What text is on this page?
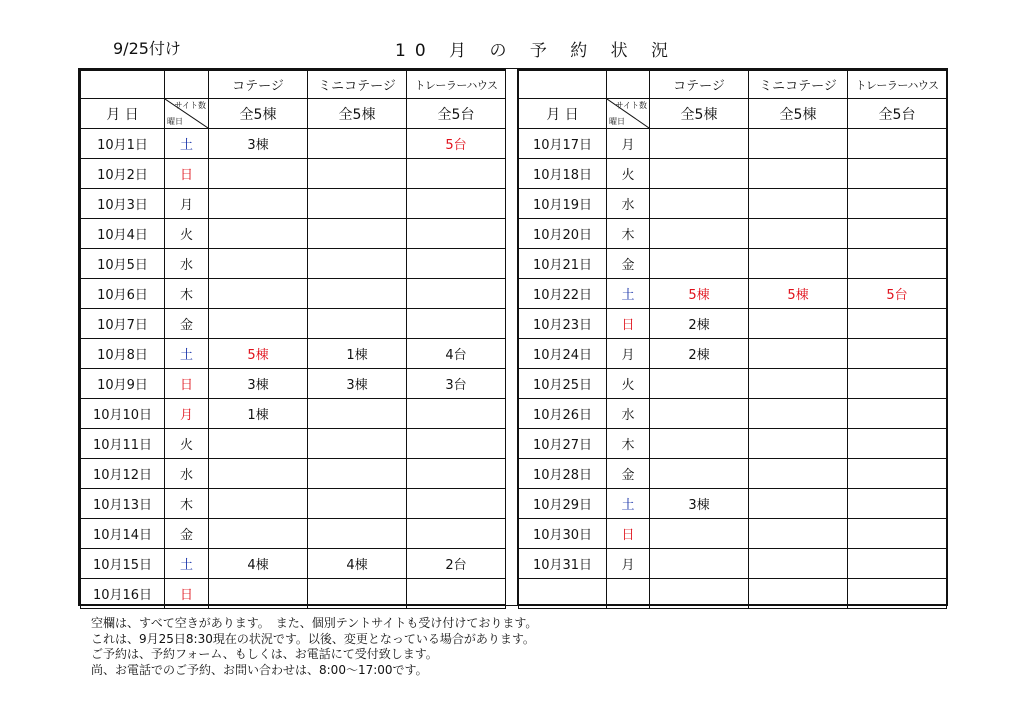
9/25付け	10 月 の 予 約 状 況
		コテージ	ミニコテージ	トレーラーハウス
月 日	サイト数
曜日	全5棟	全5棟	全5台
10月1日	土	3棟		5台
10月2日	日			
10月3日	月			
10月4日	火			
10月5日	水			
10月6日	木			
10月7日	金			
10月8日	土	5棟	1棟	4台
10月9日	日	3棟	3棟	3台
10月10日	月	1棟		
10月11日	火			
10月12日	水			
10月13日	木			
10月14日	金			
10月15日	土	4棟	4棟	2台
10月16日	日			
		コテージ	ミニコテージ	トレーラーハウス
月 日	サイト数
曜日	全5棟	全5棟	全5台
10月17日	月			
10月18日	火			
10月19日	水			
10月20日	木			
10月21日	金			
10月22日	土	5棟	5棟	5台
10月23日	日	2棟		
10月24日	月	2棟		
10月25日	火			
10月26日	水			
10月27日	木			
10月28日	金			
10月29日	土	3棟		
10月30日	日			
10月31日	月			

空欄は、すべて空きがあります。　また、個別テントサイトも受け付けております。
これは、9月25日8:30現在の状況です。以後、変更となっている場合があります。
ご予約は、予約フォーム、もしくは、お電話にて受付致します。
尚、お電話でのご予約、お問い合わせは、8:00～17:00です。
